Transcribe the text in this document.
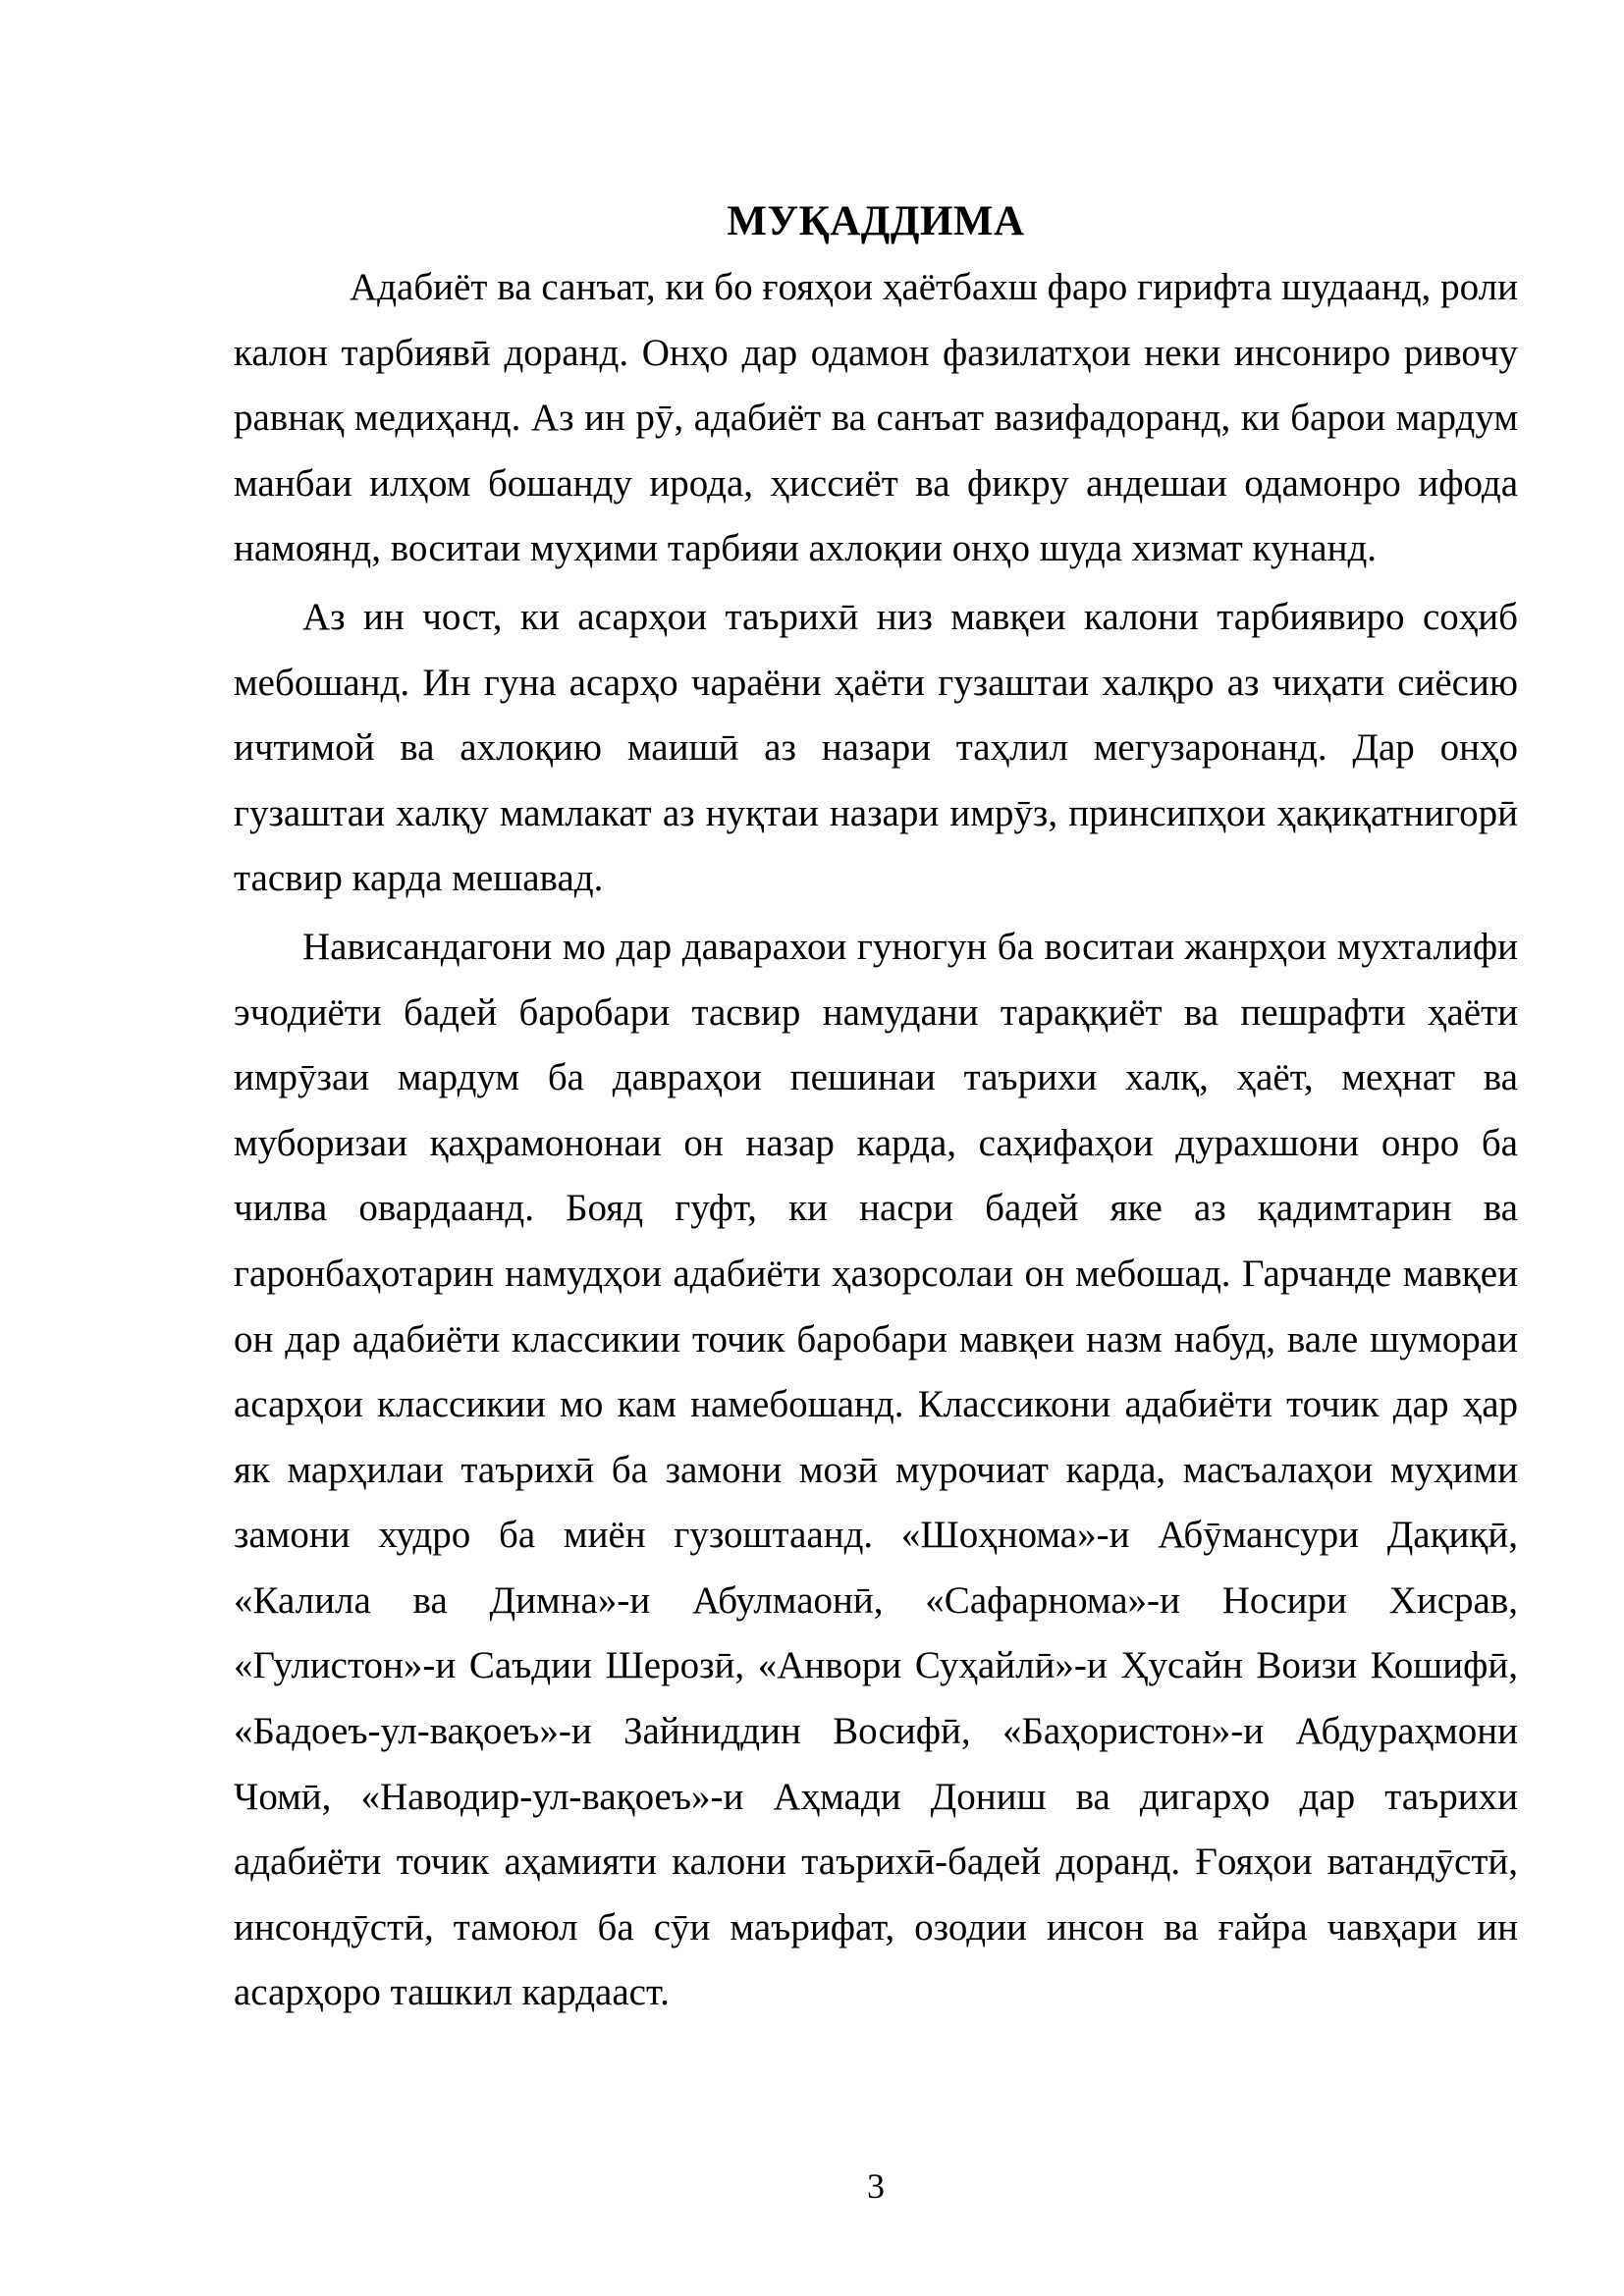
МУҚАДДИМА

Адабиёт ва санъат, ки бо ғояҳои ҳаётбахш фаро гирифта шудаанд, роли калон тарбиявӣ доранд. Онҳо дар одамон фазилатҳои неки инсониро ривочу равнақ медиҳанд. Аз ин рӯ, адабиёт ва санъат вазифадоранд, ки барои мардум манбаи илҳом бошанду ирода, ҳиссиёт ва фикру андешаи одамонро ифода намоянд, воситаи муҳими тарбияи ахлоқии онҳо шуда хизмат кунанд.

Аз ин чост, ки асарҳои таърихӣ низ мавқеи калони тарбиявиро соҳиб мебошанд. Ин гуна асарҳо чараёни ҳаёти гузаштаи халқро аз чиҳати сиёсию ичтимой ва ахлоқию маишӣ аз назари таҳлил мегузаронанд. Дар онҳо гузаштаи халқу мамлакат аз нуқтаи назари имрӯз, принсипҳои ҳақиқатнигорӣ тасвир карда мешавад.

Нависандагони мо дар даварахои гуногун ба воситаи жанрҳои мухталифи эчодиёти бадей баробари тасвир намудани тараққиёт ва пешрафти ҳаёти имрӯзаи мардум ба давраҳои пешинаи таърихи халқ, ҳаёт, меҳнат ва муборизаи қаҳрамононаи он назар карда, саҳифаҳои дурахшони онро ба чилва овардаанд. Бояд гуфт, ки насри бадей яке аз қадимтарин ва гаронбаҳотарин намудҳои адабиёти ҳазорсолаи он мебошад. Гарчанде мавқеи он дар адабиёти классикии точик баробари мавқеи назм набуд, вале шумораи асарҳои классикии мо кам намебошанд. Классикони адабиёти точик дар ҳар як марҳилаи таърихӣ ба замони мозӣ мурочиат карда, масъалаҳои муҳими замони худро ба миён гузоштаанд. «Шоҳнома»-и Абӯмансури Дақиқӣ, «Калила ва Димна»-и Абулмаонӣ, «Сафарнома»-и Носири Хисрав, «Гулистон»-и Саъдии Шерозӣ, «Анвори Суҳайлӣ»-и Ҳусайн Воизи Кошифӣ, «Бадоеъ-ул-вақоеъ»-и Зайниддин Восифӣ, «Баҳористон»-и Абдураҳмони Чомӣ, «Наводир-ул-вақоеъ»-и Аҳмади Дониш ва дигарҳо дар таърихи адабиёти точик аҳамияти калони таърихӣ-бадей доранд. Ғояҳои ватандӯстӣ, инсондӯстӣ, тамоюл ба сӯи маърифат, озодии инсон ва ғайра чавҳари ин асарҳоро ташкил кардааст.

3
